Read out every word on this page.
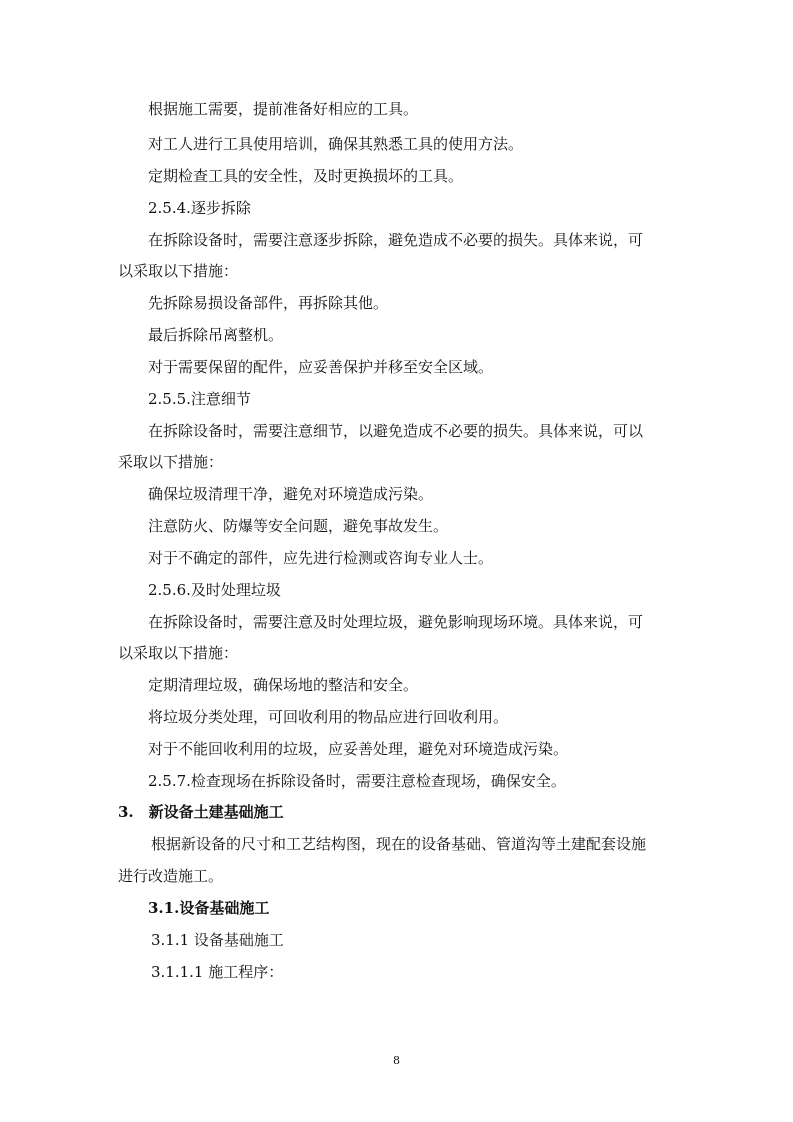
根据施工需要，提前准备好相应的工具。
对工人进行工具使用培训，确保其熟悉工具的使用方法。
定期检查工具的安全性，及时更换损坏的工具。
2.5.4.逐步拆除
在拆除设备时，需要注意逐步拆除，避免造成不必要的损失。具体来说，可
以采取以下措施：
先拆除易损设备部件，再拆除其他。
最后拆除吊离整机。
对于需要保留的配件，应妥善保护并移至安全区域。
2.5.5.注意细节
在拆除设备时，需要注意细节，以避免造成不必要的损失。具体来说，可以
采取以下措施：
确保垃圾清理干净，避免对环境造成污染。
注意防火、防爆等安全问题，避免事故发生。
对于不确定的部件，应先进行检测或咨询专业人士。
2.5.6.及时处理垃圾
在拆除设备时，需要注意及时处理垃圾，避免影响现场环境。具体来说，可
以采取以下措施：
定期清理垃圾，确保场地的整洁和安全。
将垃圾分类处理，可回收利用的物品应进行回收利用。
对于不能回收利用的垃圾，应妥善处理，避免对环境造成污染。
2.5.7.检查现场在拆除设备时，需要注意检查现场，确保安全。
3.　新设备土建基础施工
根据新设备的尺寸和工艺结构图，现在的设备基础、管道沟等土建配套设施
进行改造施工。
3.1.设备基础施工
3.1.1 设备基础施工
3.1.1.1 施工程序：
8
